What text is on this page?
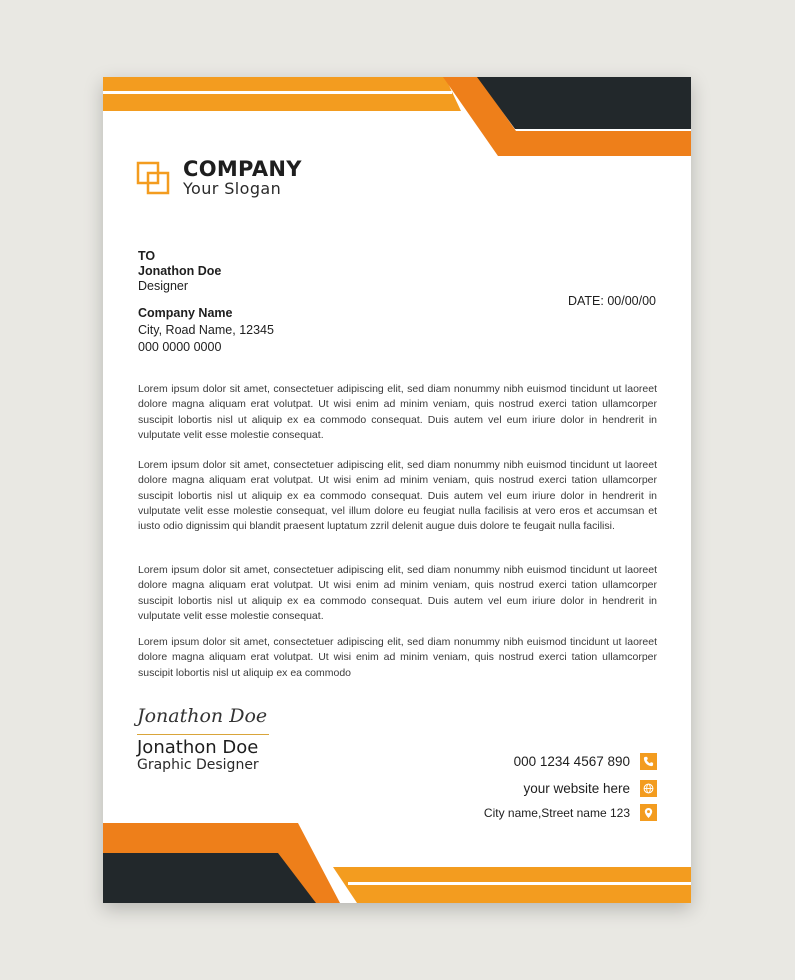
COMPANY
Your Slogan
TO
Jonathon Doe
Designer
Company Name
City, Road Name, 12345
000 0000 0000
DATE: 00/00/00

Lorem ipsum dolor sit amet, consectetuer adipiscing elit, sed diam nonummy nibh euismod tincidunt ut laoreet dolore magna aliquam erat volutpat. Ut wisi enim ad minim veniam, quis nostrud exerci tation ullamcorper suscipit lobortis nisl ut aliquip ex ea commodo consequat. Duis autem vel eum iriure dolor in hendrerit in vulputate velit esse molestie consequat.

Lorem ipsum dolor sit amet, consectetuer adipiscing elit, sed diam nonummy nibh euismod tincidunt ut laoreet dolore magna aliquam erat volutpat. Ut wisi enim ad minim veniam, quis nostrud exerci tation ullamcorper suscipit lobortis nisl ut aliquip ex ea commodo consequat. Duis autem vel eum iriure dolor in hendrerit in vulputate velit esse molestie consequat, vel illum dolore eu feugiat nulla facilisis at vero eros et accumsan et iusto odio dignissim qui blandit praesent luptatum zzril delenit augue duis dolore te feugait nulla facilisi.

Lorem ipsum dolor sit amet, consectetuer adipiscing elit, sed diam nonummy nibh euismod tincidunt ut laoreet dolore magna aliquam erat volutpat. Ut wisi enim ad minim veniam, quis nostrud exerci tation ullamcorper suscipit lobortis nisl ut aliquip ex ea commodo consequat. Duis autem vel eum iriure dolor in hendrerit in vulputate velit esse molestie consequat.

Lorem ipsum dolor sit amet, consectetuer adipiscing elit, sed diam nonummy nibh euismod tincidunt ut laoreet dolore magna aliquam erat volutpat. Ut wisi enim ad minim veniam, quis nostrud exerci tation ullamcorper suscipit lobortis nisl ut aliquip ex ea commodo

Jonathon Doe
Jonathon Doe
Graphic Designer	000 1234 4567 890
your website here
City name,Street name 123
